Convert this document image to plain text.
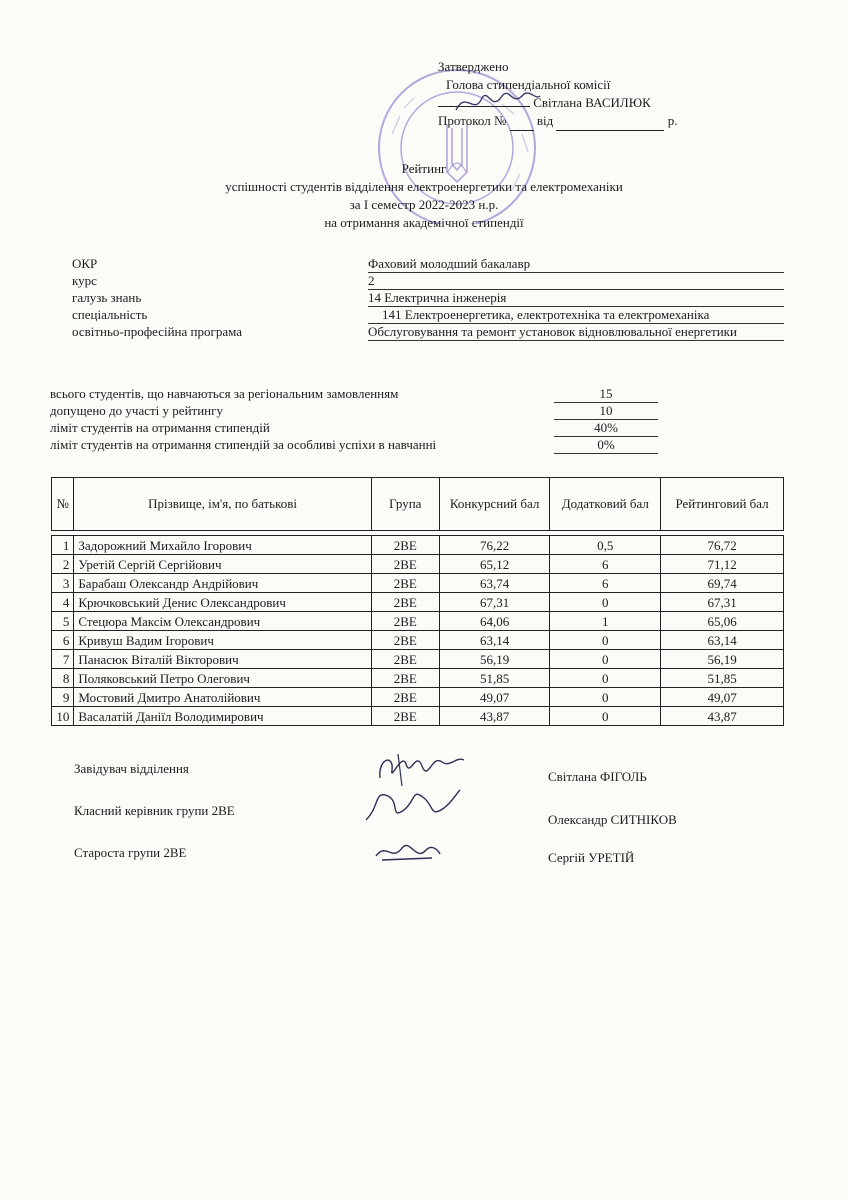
Затверджено
Голова стипендіальної комісії
Світлана ВАСИЛЮК
Протокол № від	р.
Рейтинг
успішності студентів відділення електроенергетики та електромеханіки
за І семестр 2022-2023 н.р.
на отримання академічної стипендії
ОКР	Фаховий молодший бакалавр
курс	2
галузь знань	14 Електрична інженерія
спеціальність	141 Електроенергетика, електротехніка та електромеханіка
освітньо-професійна програма	Обслуговування та ремонт установок відновлювальної енергетики
всього студентів, що навчаються за регіональним замовленням	15
допущено до участі у рейтингу	10
ліміт студентів на отримання стипендій	40%
ліміт студентів на отримання стипендій за особливі успіхи в навчанні	0%
№	Прізвище, ім'я, по батькові	Група	Конкурсний бал	Додатковий бал	Рейтинговий бал

1	Задорожний Михайло Ігорович	2ВЕ	76,22	0,5	76,72
2	Уретій Сергій Сергійович	2ВЕ	65,12	6	71,12
3	Барабаш Олександр Андрійович	2ВЕ	63,74	6	69,74
4	Крючковський Денис Олександрович	2ВЕ	67,31	0	67,31
5	Стецюра Максім Олександрович	2ВЕ	64,06	1	65,06
6	Кривуш Вадим Ігорович	2ВЕ	63,14	0	63,14
7	Панасюк Віталій Вікторович	2ВЕ	56,19	0	56,19
8	Поляковський Петро Олегович	2ВЕ	51,85	0	51,85
9	Мостовий Дмитро Анатолійович	2ВЕ	49,07	0	49,07
10	Васалатій Даніїл Володимирович	2ВЕ	43,87	0	43,87
Завідувач відділення
Світлана ФІГОЛЬ
Класний керівник групи 2ВЕ
Олександр СИТНІКОВ
Староста групи 2ВЕ	Сергій УРЕТІЙ
